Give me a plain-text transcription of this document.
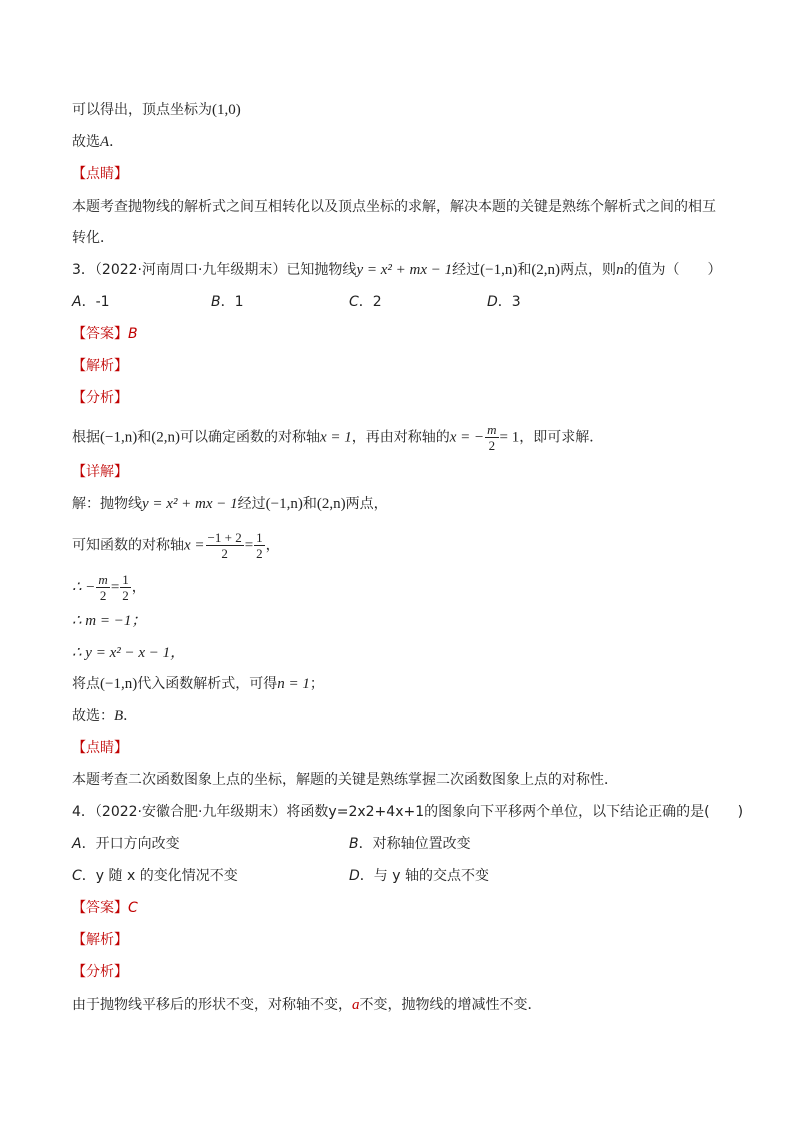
可以得出，顶点坐标为(1,0)
故选A．
【点睛】
本题考查抛物线的解析式之间互相转化以及顶点坐标的求解，解决本题的关键是熟练个解析式之间的相互
转化．
3．（2022·河南周口·九年级期末）已知抛物线y = x² + mx − 1经过(−1,n)和(2,n)两点，则n的值为（　　）
A．-1	B．1	C．2	D．3
【答案】B
【解析】
【分析】
根据(−1,n)和(2,n)可以确定函数的对称轴x = 1，再由对称轴的x = − $\frac{m}{2} = 1$，即可求解．
【详解】
解：抛物线y = x² + mx − 1经过(−1,n)和(2,n)两点，
可知函数的对称轴$x = \frac{-1 + 2}{2} = \frac{1}{2}$ ，
∴ − $\frac{m}{2} = \frac{1}{2}$ ，
∴ m = −1；
∴ y = x² − x − 1，
将点(−1,n)代入函数解析式，可得n = 1；
故选：B．
【点睛】
本题考查二次函数图象上点的坐标，解题的关键是熟练掌握二次函数图象上点的对称性．
4．（2022·安徽合肥·九年级期末）将函数y=2x2+4x+1的图象向下平移两个单位，以下结论正确的是(　　)
A．开口方向改变	B．对称轴位置改变
C．y 随 x 的变化情况不变	D．与 y 轴的交点不变
【答案】C
【解析】
【分析】
由于抛物线平移后的形状不变，对称轴不变，a不变，抛物线的增减性不变．
